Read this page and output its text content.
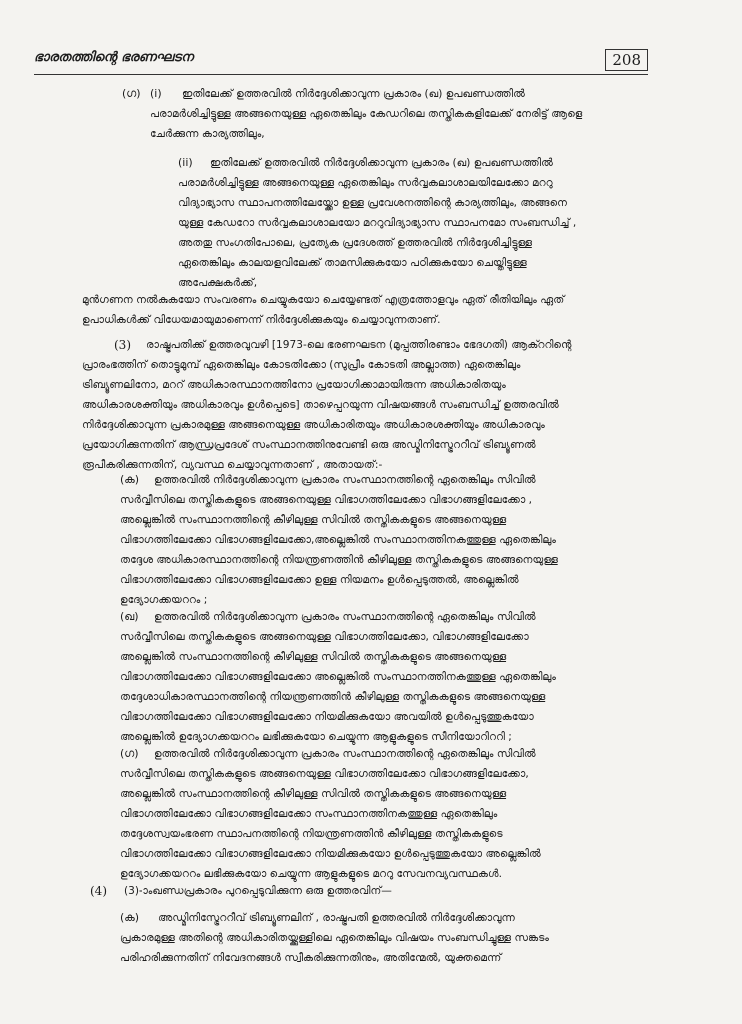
ഭാരതത്തിന്റെ ഭരണഘടന	208
(ഗ) (i) ഇതിലേക്ക് ഉത്തരവിൽ നിർദ്ദേശിക്കാവുന്ന പ്രകാരം (ഖ) ഉപഖണ്ഡത്തിൽ
പരാമർശിച്ചിട്ടുള്ള അങ്ങനെയുള്ള ഏതെങ്കിലും കേഡറിലെ തസ്തികകളിലേക്ക് നേരിട്ട് ആളെ
ചേർക്കുന്ന കാര്യത്തിലും,
(ii) ഇതിലേക്ക് ഉത്തരവിൽ നിർദ്ദേശിക്കാവുന്ന പ്രകാരം (ഖ) ഉപഖണ്ഡത്തിൽ
പരാമർശിച്ചിട്ടുള്ള അങ്ങനെയുള്ള ഏതെങ്കിലും സർവ്വകലാശാലയിലേക്കോ മററു
വിദ്യാഭ്യാസ സ്ഥാപനത്തിലേയ്ക്കോ ഉള്ള പ്രവേശനത്തിന്റെ കാര്യത്തിലും, അങ്ങനെ
യുള്ള കേഡറോ സർവ്വകലാശാലയോ മററുവിദ്യാഭ്യാസ സ്ഥാപനമോ സംബന്ധിച്ച് ,
അതതു സംഗതിപോലെ, പ്രത്യേക പ്രദേശത്ത് ഉത്തരവിൽ നിർദ്ദേശിച്ചിട്ടുള്ള
ഏതെങ്കിലും കാലയളവിലേക്ക് താമസിക്കുകയോ പഠിക്കുകയോ ചെയ്തിട്ടുള്ള
അപേക്ഷകർക്ക്,
മുൻഗണന നൽകുകയോ സംവരണം ചെയ്യുകയോ ചെയ്യേണ്ടത് എത്രത്തോളവും ഏത് രീതിയിലും ഏത്
ഉപാധികൾക്ക് വിധേയമായുമാണെന്ന് നിർദ്ദേശിക്കുകയും ചെയ്യാവുന്നതാണ്.
(3) രാഷ്ട്രപതിക്ക് ഉത്തരവുവഴി [1973-ലെ ഭരണഘടന (മുപ്പത്തിരണ്ടാം ഭേദഗതി) ആക്ററിന്റെ
പ്രാരംഭത്തിന് തൊട്ടുമുമ്പ് ഏതെങ്കിലും കോടതിക്കോ (സുപ്രീം കോടതി അല്ലാത്ത) ഏതെങ്കിലും
ട്രിബ്യൂണലിനോ, മററ് അധികാരസ്ഥാനത്തിനോ പ്രയോഗിക്കാമായിരുന്ന അധികാരിതയും
അധികാരശക്തിയും അധികാരവും ഉൾപ്പെടെ] താഴെപ്പറയുന്ന വിഷയങ്ങൾ സംബന്ധിച്ച് ഉത്തരവിൽ
നിർദ്ദേശിക്കാവുന്ന പ്രകാരമുള്ള അങ്ങനെയുള്ള അധികാരിതയും അധികാരശക്തിയും അധികാരവും
പ്രയോഗിക്കുന്നതിന് ആന്ധ്രപ്രദേശ് സംസ്ഥാനത്തിനുവേണ്ടി ഒരു അഡ്മിനിസ്ട്രേററീവ് ട്രിബ്യൂണൽ
രൂപീകരിക്കുന്നതിന്, വ്യവസ്ഥ ചെയ്യാവുന്നതാണ് , അതായത്:-
(ക) ഉത്തരവിൽ നിർദ്ദേശിക്കാവുന്ന പ്രകാരം സംസ്ഥാനത്തിന്റെ ഏതെങ്കിലും സിവിൽ
സർവ്വീസിലെ തസ്തികകളുടെ അങ്ങനെയുള്ള വിഭാഗത്തിലേക്കോ വിഭാഗങ്ങളിലേക്കോ ,
അല്ലെങ്കിൽ സംസ്ഥാനത്തിന്റെ കീഴിലുള്ള സിവിൽ തസ്തികകളുടെ അങ്ങനെയുള്ള
വിഭാഗത്തിലേക്കോ വിഭാഗങ്ങളിലേക്കോ,അല്ലെങ്കിൽ സംസ്ഥാനത്തിനകത്തുള്ള ഏതെങ്കിലും
തദ്ദേശ അധികാരസ്ഥാനത്തിന്റെ നിയന്ത്രണത്തിൻ കീഴിലുള്ള തസ്തികകളുടെ അങ്ങനെയുള്ള
വിഭാഗത്തിലേക്കോ വിഭാഗങ്ങളിലേക്കോ ഉള്ള നിയമനം ഉൾപ്പെടുത്തൽ, അല്ലെങ്കിൽ
ഉദ്യോഗക്കയററം ;
(ഖ) ഉത്തരവിൽ നിർദ്ദേശിക്കാവുന്ന പ്രകാരം സംസ്ഥാനത്തിന്റെ ഏതെങ്കിലും സിവിൽ
സർവ്വീസിലെ തസ്തികകളുടെ അങ്ങനെയുള്ള വിഭാഗത്തിലേക്കോ, വിഭാഗങ്ങളിലേക്കോ
അല്ലെങ്കിൽ സംസ്ഥാനത്തിന്റെ കീഴിലുള്ള സിവിൽ തസ്തികകളുടെ അങ്ങനെയുള്ള
വിഭാഗത്തിലേക്കോ വിഭാഗങ്ങളിലേക്കോ അല്ലെങ്കിൽ സംസ്ഥാനത്തിനകത്തുള്ള ഏതെങ്കിലും
തദ്ദേശാധികാരസ്ഥാനത്തിന്റെ നിയന്ത്രണത്തിൻ കീഴിലുള്ള തസ്തികകളുടെ അങ്ങനെയുള്ള
വിഭാഗത്തിലേക്കോ വിഭാഗങ്ങളിലേക്കോ നിയമിക്കുകയോ അവയിൽ ഉൾപ്പെടുത്തുകയോ
അല്ലെങ്കിൽ ഉദ്യോഗക്കയററം ലഭിക്കുകയോ ചെയ്യുന്ന ആളുകളുടെ സീനിയോറിററി ;
(ഗ) ഉത്തരവിൽ നിർദ്ദേശിക്കാവുന്ന പ്രകാരം സംസ്ഥാനത്തിന്റെ ഏതെങ്കിലും സിവിൽ
സർവ്വീസിലെ തസ്തികകളുടെ അങ്ങനെയുള്ള വിഭാഗത്തിലേക്കോ വിഭാഗങ്ങളിലേക്കോ,
അല്ലെങ്കിൽ സംസ്ഥാനത്തിന്റെ കീഴിലുള്ള സിവിൽ തസ്തികകളുടെ അങ്ങനെയുള്ള
വിഭാഗത്തിലേക്കോ വിഭാഗങ്ങളിലേക്കോ സംസ്ഥാനത്തിനകത്തുള്ള ഏതെങ്കിലും
തദ്ദേശസ്വയംഭരണ സ്ഥാപനത്തിന്റെ നിയന്ത്രണത്തിൻ കീഴിലുള്ള തസ്തികകളുടെ
വിഭാഗത്തിലേക്കോ വിഭാഗങ്ങളിലേക്കോ നിയമിക്കുകയോ ഉൾപ്പെടുത്തുകയോ അല്ലെങ്കിൽ
ഉദ്യോഗക്കയററം ലഭിക്കുകയോ ചെയ്യുന്ന ആളുകളുടെ മററു സേവനവ്യവസ്ഥകൾ.
(4) (3)-ാംഖണ്ഡപ്രകാരം പുറപ്പെടുവിക്കുന്ന ഒരു ഉത്തരവിന്—
(ക) അഡ്മിനിസ്ട്രേററീവ് ട്രിബ്യൂണലിന് , രാഷ്ട്രപതി ഉത്തരവിൽ നിർദ്ദേശിക്കാവുന്ന
പ്രകാരമുള്ള അതിന്റെ അധികാരിതയ്ക്കുള്ളിലെ ഏതെങ്കിലും വിഷയം സംബന്ധിച്ചുള്ള സങ്കടം
പരിഹരിക്കുന്നതിന് നിവേദനങ്ങൾ സ്വീകരിക്കുന്നതിനും, അതിന്മേൽ, യുക്തമെന്ന്
